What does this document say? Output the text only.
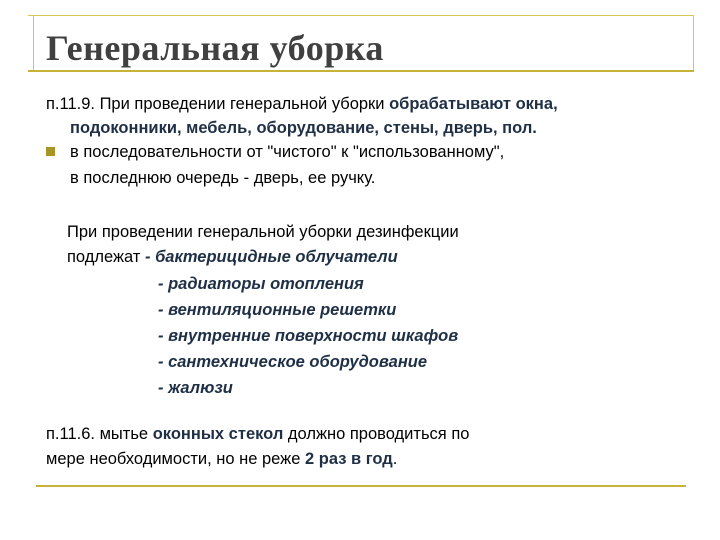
Генеральная уборка
п.11.9. При проведении генеральной уборки обрабатывают окна,
подоконники, мебель, оборудование, стены, дверь, пол.
в последовательности от "чистого" к "использованному",
в последнюю очередь - дверь, ее ручку.
При проведении генеральной уборки дезинфекции
подлежат - бактерицидные облучатели
- радиаторы отопления
- вентиляционные решетки
- внутренние поверхности шкафов
- сантехническое оборудование
- жалюзи
п.11.6. мытье оконных стекол должно проводиться по
мере необходимости, но не реже 2 раз в год.
